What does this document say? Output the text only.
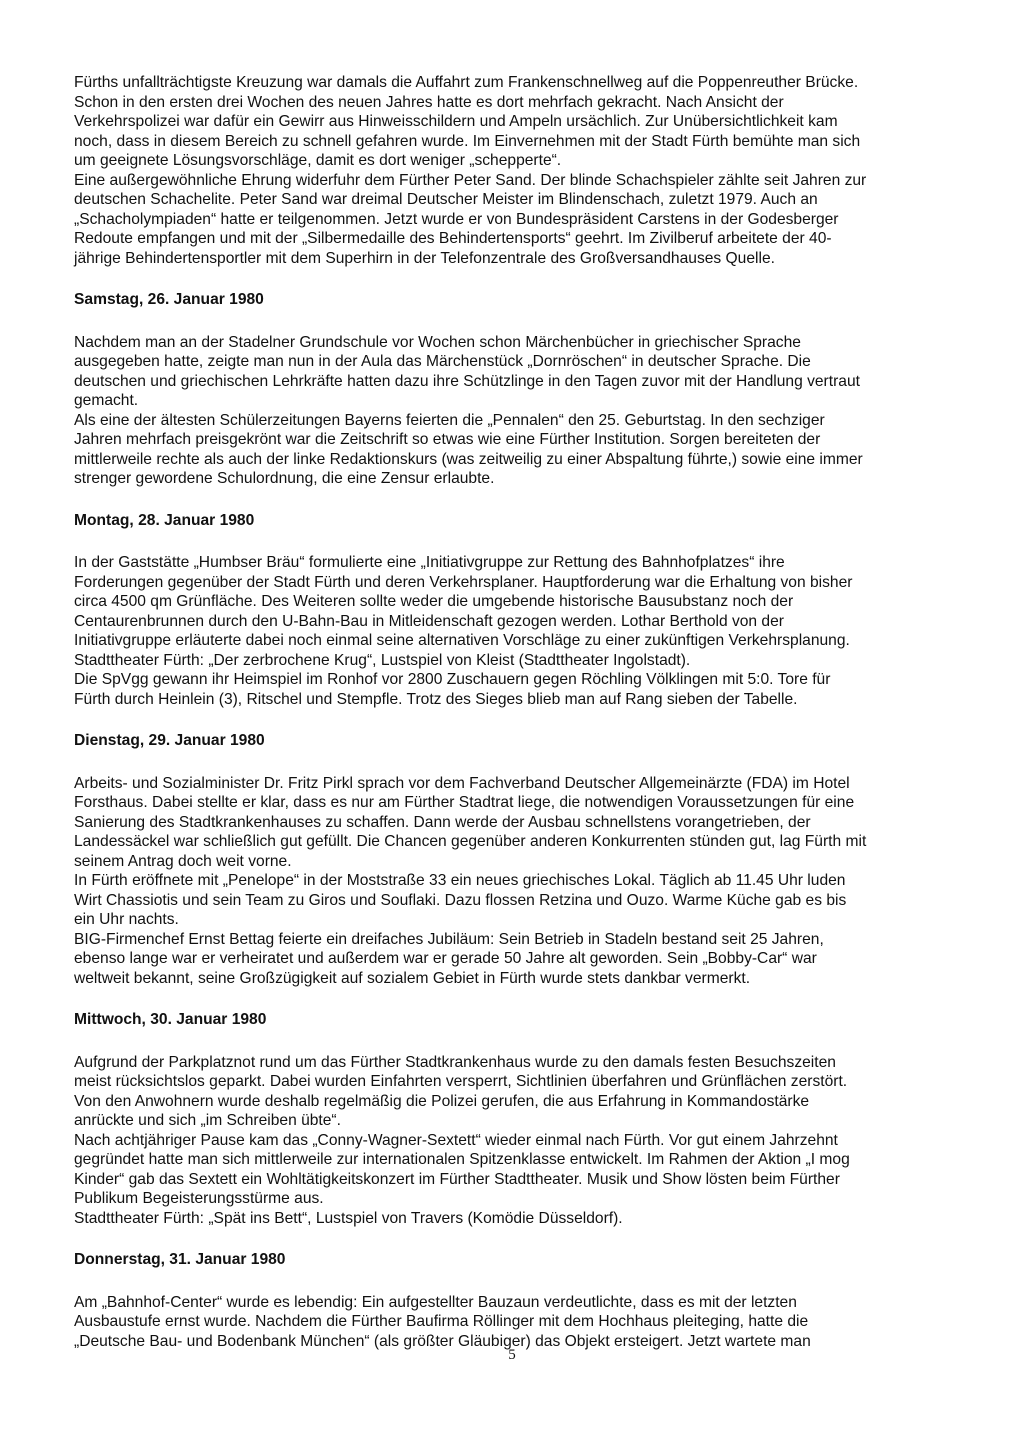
Fürths unfallträchtigste Kreuzung war damals die Auffahrt zum Frankenschnellweg auf die Poppenreuther Brücke.
Schon in den ersten drei Wochen des neuen Jahres hatte es dort mehrfach gekracht. Nach Ansicht der
Verkehrspolizei war dafür ein Gewirr aus Hinweisschildern und Ampeln ursächlich. Zur Unübersichtlichkeit kam
noch, dass in diesem Bereich zu schnell gefahren wurde. Im Einvernehmen mit der Stadt Fürth bemühte man sich
um geeignete Lösungsvorschläge, damit es dort weniger „schepperte“.
Eine außergewöhnliche Ehrung widerfuhr dem Fürther Peter Sand. Der blinde Schachspieler zählte seit Jahren zur
deutschen Schachelite. Peter Sand war dreimal Deutscher Meister im Blindenschach, zuletzt 1979. Auch an
„Schacholympiaden“ hatte er teilgenommen. Jetzt wurde er von Bundespräsident Carstens in der Godesberger
Redoute empfangen und mit der „Silbermedaille des Behindertensports“ geehrt. Im Zivilberuf arbeitete der 40-
jährige Behindertensportler mit dem Superhirn in der Telefonzentrale des Großversandhauses Quelle.

Samstag, 26. Januar 1980

Nachdem man an der Stadelner Grundschule vor Wochen schon Märchenbücher in griechischer Sprache
ausgegeben hatte, zeigte man nun in der Aula das Märchenstück „Dornröschen“ in deutscher Sprache. Die
deutschen und griechischen Lehrkräfte hatten dazu ihre Schützlinge in den Tagen zuvor mit der Handlung vertraut
gemacht.
Als eine der ältesten Schülerzeitungen Bayerns feierten die „Pennalen“ den 25. Geburtstag. In den sechziger
Jahren mehrfach preisgekrönt war die Zeitschrift so etwas wie eine Fürther Institution. Sorgen bereiteten der
mittlerweile rechte als auch der linke Redaktionskurs (was zeitweilig zu einer Abspaltung führte,) sowie eine immer
strenger gewordene Schulordnung, die eine Zensur erlaubte.

Montag, 28. Januar 1980

In der Gaststätte „Humbser Bräu“ formulierte eine „Initiativgruppe zur Rettung des Bahnhofplatzes“ ihre
Forderungen gegenüber der Stadt Fürth und deren Verkehrsplaner. Hauptforderung war die Erhaltung von bisher
circa 4500 qm Grünfläche. Des Weiteren sollte weder die umgebende historische Bausubstanz noch der
Centaurenbrunnen durch den U-Bahn-Bau in Mitleidenschaft gezogen werden. Lothar Berthold von der
Initiativgruppe erläuterte dabei noch einmal seine alternativen Vorschläge zu einer zukünftigen Verkehrsplanung.
Stadttheater Fürth: „Der zerbrochene Krug“, Lustspiel von Kleist (Stadttheater Ingolstadt).
Die SpVgg gewann ihr Heimspiel im Ronhof vor 2800 Zuschauern gegen Röchling Völklingen mit 5:0. Tore für
Fürth durch Heinlein (3), Ritschel und Stempfle. Trotz des Sieges blieb man auf Rang sieben der Tabelle.

Dienstag, 29. Januar 1980

Arbeits- und Sozialminister Dr. Fritz Pirkl sprach vor dem Fachverband Deutscher Allgemeinärzte (FDA) im Hotel
Forsthaus. Dabei stellte er klar, dass es nur am Fürther Stadtrat liege, die notwendigen Voraussetzungen für eine
Sanierung des Stadtkrankenhauses zu schaffen. Dann werde der Ausbau schnellstens vorangetrieben, der
Landessäckel war schließlich gut gefüllt. Die Chancen gegenüber anderen Konkurrenten stünden gut, lag Fürth mit
seinem Antrag doch weit vorne.
In Fürth eröffnete mit „Penelope“ in der Moststraße 33 ein neues griechisches Lokal. Täglich ab 11.45 Uhr luden
Wirt Chassiotis und sein Team zu Giros und Souflaki. Dazu flossen Retzina und Ouzo. Warme Küche gab es bis
ein Uhr nachts.
BIG-Firmenchef Ernst Bettag feierte ein dreifaches Jubiläum: Sein Betrieb in Stadeln bestand seit 25 Jahren,
ebenso lange war er verheiratet und außerdem war er gerade 50 Jahre alt geworden. Sein „Bobby-Car“ war
weltweit bekannt, seine Großzügigkeit auf sozialem Gebiet in Fürth wurde stets dankbar vermerkt.

Mittwoch, 30. Januar 1980

Aufgrund der Parkplatznot rund um das Fürther Stadtkrankenhaus wurde zu den damals festen Besuchszeiten
meist rücksichtslos geparkt. Dabei wurden Einfahrten versperrt, Sichtlinien überfahren und Grünflächen zerstört.
Von den Anwohnern wurde deshalb regelmäßig die Polizei gerufen, die aus Erfahrung in Kommandostärke
anrückte und sich „im Schreiben übte“.
Nach achtjähriger Pause kam das „Conny-Wagner-Sextett“ wieder einmal nach Fürth. Vor gut einem Jahrzehnt
gegründet hatte man sich mittlerweile zur internationalen Spitzenklasse entwickelt. Im Rahmen der Aktion „I mog
Kinder“ gab das Sextett ein Wohltätigkeitskonzert im Fürther Stadttheater. Musik und Show lösten beim Fürther
Publikum Begeisterungsstürme aus.
Stadttheater Fürth: „Spät ins Bett“, Lustspiel von Travers (Komödie Düsseldorf).

Donnerstag, 31. Januar 1980

Am „Bahnhof-Center“ wurde es lebendig: Ein aufgestellter Bauzaun verdeutlichte, dass es mit der letzten
Ausbaustufe ernst wurde. Nachdem die Fürther Baufirma Röllinger mit dem Hochhaus pleiteging, hatte die
„Deutsche Bau- und Bodenbank München“ (als größter Gläubiger) das Objekt ersteigert. Jetzt wartete man

5
